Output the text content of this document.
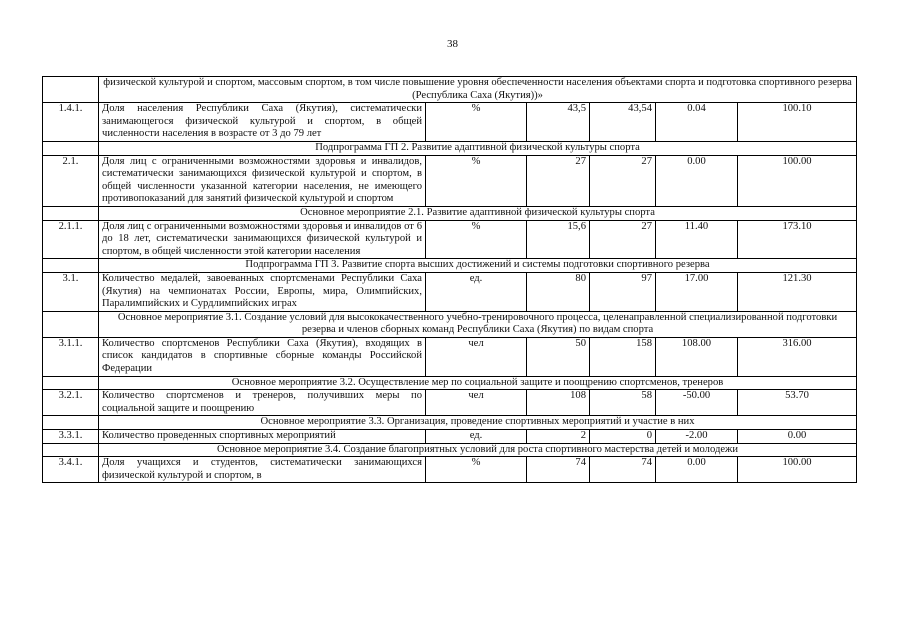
38
	физической культурой и спортом, массовым спортом, в том числе повышение уровня обеспеченности населения объектами спорта и подготовка спортивного резерва (Республика Саха (Якутия))»					
1.4.1.	Доля населения Республики Саха (Якутия), систематически занимающегося физической культурой и спортом, в общей численности населения в возрасте от 3 до 79 лет	%	43,5	43,54	0.04	100.10
	Подпрограмма ГП 2. Развитие адаптивной физической культуры спорта					
2.1.	Доля лиц с ограниченными возможностями здоровья и инвалидов, систематически занимающихся физической культурой и спортом, в общей численности указанной категории населения, не имеющего противопоказаний для занятий физической культурой и спортом	%	27	27	0.00	100.00
	Основное мероприятие 2.1. Развитие адаптивной физической культуры спорта					
2.1.1.	Доля лиц с ограниченными возможностями здоровья и инвалидов от 6 до 18 лет, систематически занимающихся физической культурой и спортом, в общей численности этой категории населения	%	15,6	27	11.40	173.10
	Подпрограмма ГП 3. Развитие спорта высших достижений и системы подготовки спортивного резерва					
3.1.	Количество медалей, завоеванных спортсменами Республики Саха (Якутия) на чемпионатах России, Европы, мира, Олимпийских, Паралимпийских и Сурдлимпийских играх	ед.	80	97	17.00	121.30
	Основное мероприятие 3.1. Создание условий для высококачественного учебно-тренировочного процесса, целенаправленной специализированной подготовки резерва и членов сборных команд Республики Саха (Якутия) по видам спорта					
3.1.1.	Количество спортсменов Республики Саха (Якутия), входящих в список кандидатов в спортивные сборные команды Российской Федерации	чел	50	158	108.00	316.00
	Основное мероприятие 3.2. Осуществление мер по социальной защите и поощрению спортсменов, тренеров					
3.2.1.	Количество спортсменов и тренеров, получивших меры по социальной защите и поощрению	чел	108	58	-50.00	53.70
	Основное мероприятие 3.3. Организация, проведение спортивных мероприятий и участие в них					
3.3.1.	Количество проведенных спортивных мероприятий	ед.	2	0	-2.00	0.00
	Основное мероприятие 3.4. Создание благоприятных условий для роста спортивного мастерства детей и молодежи					
3.4.1.	Доля учащихся и студентов, систематически занимающихся физической культурой и спортом, в	%	74	74	0.00	100.00
